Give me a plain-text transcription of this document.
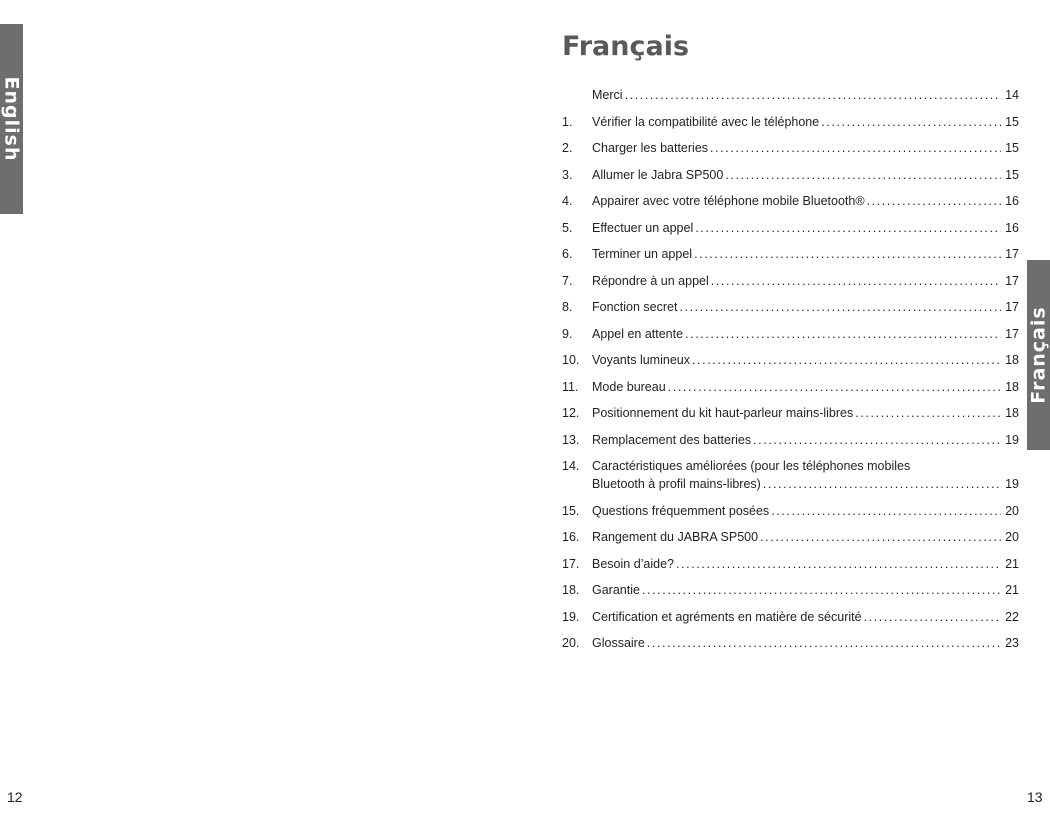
English
Français
Français
Merci .....	14
1.	Vérifier la compatibilité avec le téléphone .....	15
2.	Charger les batteries .....	15
3.	Allumer le Jabra SP500 .....	15
4.	Appairer avec votre téléphone mobile Bluetooth® .....	16
5.	Effectuer un appel .....	16
6.	Terminer un appel .....	17
7.	Répondre à un appel .....	17
8.	Fonction secret .....	17
9.	Appel en attente .....	17
10.	Voyants lumineux .....	18
11.	Mode bureau .....	18
12.	Positionnement du kit haut-parleur mains-libres .....	18
13.	Remplacement des batteries .....	19
14.	Caractéristiques améliorées (pour les téléphones mobiles
Bluetooth à profil mains-libres) .....	19
15.	Questions fréquemment posées .....	20
16.	Rangement du JABRA SP500 .....	20
17.	Besoin d’aide? .....	21
18.	Garantie .....	21
19.	Certification et agréments en matière de sécurité .....	22
20.	Glossaire .....	23
12	13
